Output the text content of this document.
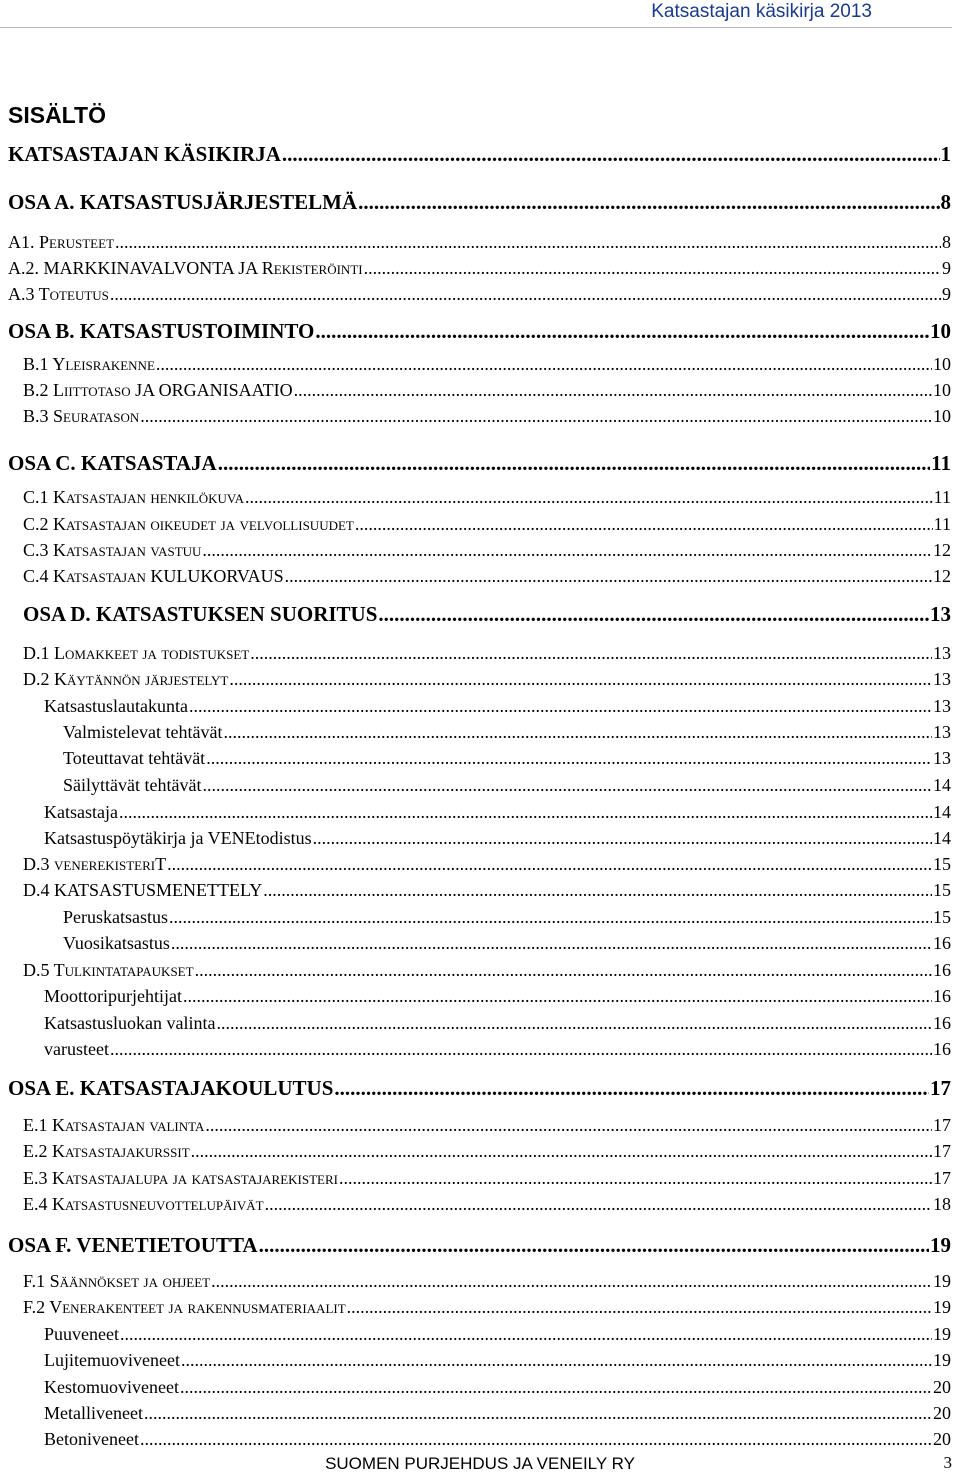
Katsastajan käsikirja 2013
SISÄLTÖ
KATSASTAJAN KÄSIKIRJA .....	1
OSA A. KATSASTUSJÄRJESTELMÄ .....	8
A1. Perusteet .....	8
A.2. MARKKINAVALVONTA JA Rekisteröinti .....	9
A.3 Toteutus .....	9
OSA B. KATSASTUSTOIMINTO .....	10
B.1 Yleisrakenne .....	10
B.2 Liittotaso JA ORGANISAATIO .....	10
B.3 Seuratason .....	10
OSA C. KATSASTAJA .....	11
C.1 Katsastajan henkilökuva .....	11
C.2 Katsastajan oikeudet ja velvollisuudet .....	11
C.3 Katsastajan vastuu .....	12
C.4 Katsastajan KULUKORVAUS .....	12
OSA D. KATSASTUKSEN SUORITUS .....	13
D.1 Lomakkeet ja todistukset .....	13
D.2 Käytännön järjestelyt .....	13
Katsastuslautakunta .....	13
Valmistelevat tehtävät .....	13
Toteuttavat tehtävät .....	13
Säilyttävät tehtävät .....	14
Katsastaja .....	14
Katsastuspöytäkirja ja VENEtodistus .....	14
D.3 venerekisteriT .....	15
D.4 KATSASTUSMENETTELY .....	15
Peruskatsastus .....	15
Vuosikatsastus .....	16
D.5 Tulkintatapaukset .....	16
Moottoripurjehtijat .....	16
Katsastusluokan valinta .....	16
varusteet .....	16
OSA E. KATSASTAJAKOULUTUS .....	17
E.1 Katsastajan valinta .....	17
E.2 Katsastajakurssit .....	17
E.3 Katsastajalupa ja katsastajarekisteri .....	17
E.4 Katsastusneuvottelupäivät .....	18
OSA F. VENETIETOUTTA .....	19
F.1 Säännökset ja ohjeet .....	19
F.2 Venerakenteet ja rakennusmateriaalit .....	19
Puuveneet .....	19
Lujitemuoviveneet .....	19
Kestomuoviveneet .....	20
Metalliveneet .....	20
Betoniveneet .....	20
SUOMEN PURJEHDUS JA VENEILY RY	3
